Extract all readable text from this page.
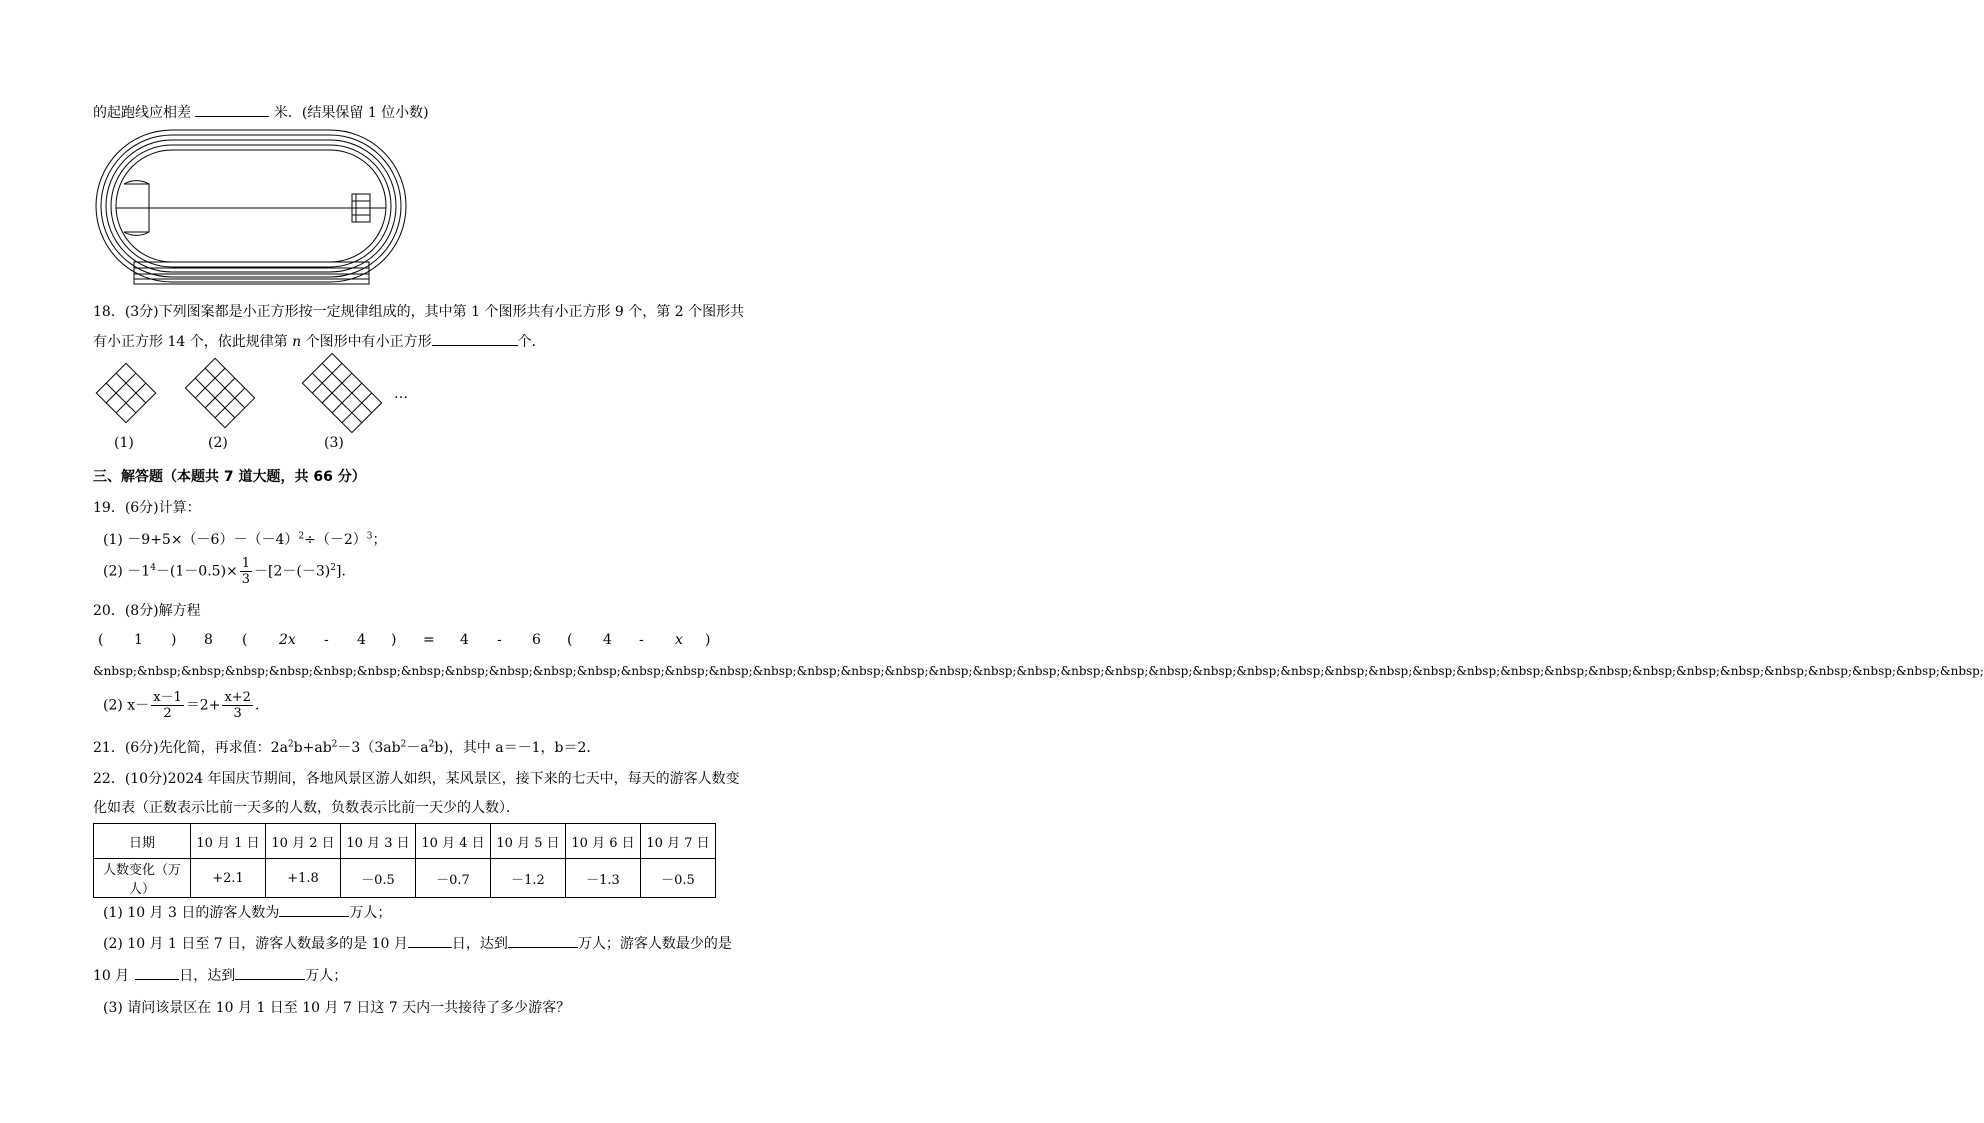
的起跑线应相差	米．(结果保留 1 位小数)
18．(3分)下列图案都是小正方形按一定规律组成的，其中第 1 个图形共有小正方形 9 个，第 2 个图形共
有小正方形 14 个，依此规律第 n 个图形中有小正方形	个．
…
(1)	(2)	(3)
三、解答题（本题共 7 道大题，共 66 分）
19．(6分)计算：
$(1) -9+5\times(-6)-(-4)^2\div(-2)^3$；
$(2) -1^4-(1-0.5)\times \frac{1}{3} -[2-(-3)^2]$．
20．(8分)解方程
( 1 ) 8 ( 2x - 4 ) = 4 - 6 ( 4 - x )
&nbsp;&nbsp;&nbsp;&nbsp;&nbsp;&nbsp;&nbsp;&nbsp;&nbsp;&nbsp;&nbsp;&nbsp;&nbsp;&nbsp;&nbsp;&nbsp;&nbsp;&nbsp;&nbsp;&nbsp;&nbsp;&nbsp;&nbsp;&nbsp;&nbsp;&nbsp;&nbsp;&nbsp;&nbsp;&nbsp;&nbsp;&nbsp;&nbsp;&nbsp;&nbsp;&nbsp;&nbsp;&nbsp;&nbsp;&nbsp;&nbsp;&nbsp;&nbsp;
(2) $x- \frac{x-1}{2} =2+ \frac{x+2}{3}$ ．
21．(6分)先化简，再求值：$2a^2b+ab^2-3(3ab^2-a^2b)$，其中 a＝－1，b＝2．
22．(10分)2024 年国庆节期间，各地风景区游人如织，某风景区，接下来的七天中，每天的游客人数变
化如表（正数表示比前一天多的人数，负数表示比前一天少的人数）．
日期	10 月 1 日	10 月 2 日	10 月 3 日	10 月 4 日	10 月 5 日	10 月 6 日	10 月 7 日
人数变化（万人）	+2.1	+1.8	－0.5	－0.7	－1.2	－1.3	－0.5
(1) 10 月 3 日的游客人数为	万人；
(2) 10 月 1 日至 7 日，游客人数最多的是 10 月	日，达到	万人；游客人数最少的是
10 月	日，达到	万人；
(3) 请问该景区在 10 月 1 日至 10 月 7 日这 7 天内一共接待了多少游客？
